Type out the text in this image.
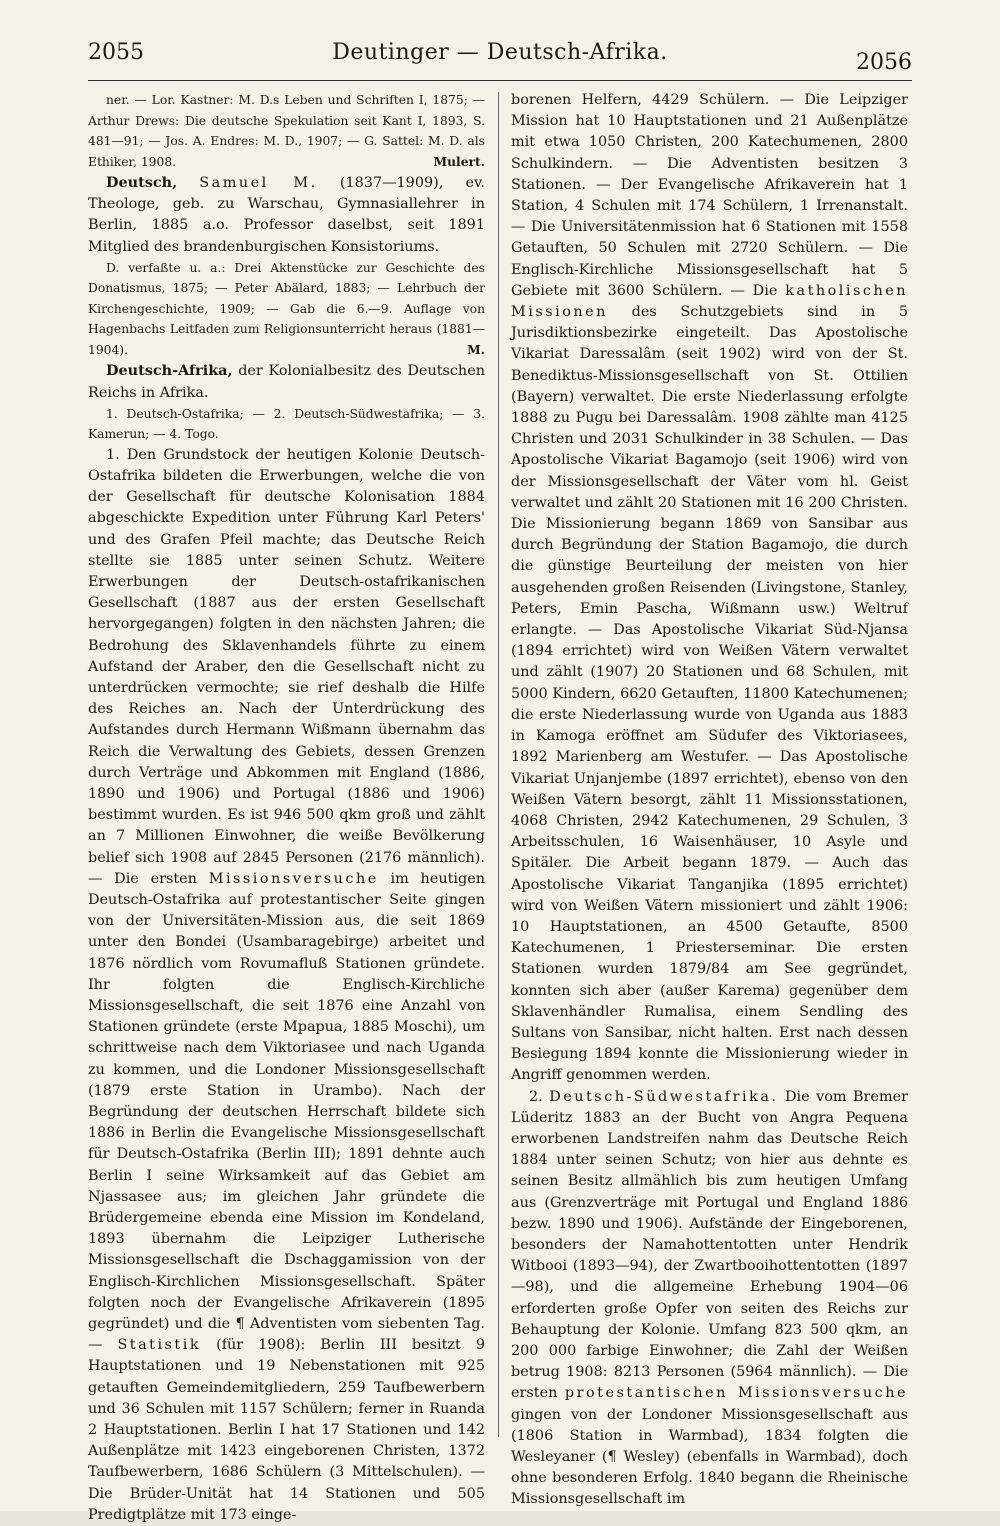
2055	Deutinger — Deutsch-Afrika.	2056

ner. — Lor. Kastner: M. D.s Leben und Schriften I, 1875; — Arthur Drews: Die deutsche Spekulation seit Kant I, 1893, S. 481—91; — Jos. A. Endres: M. D., 1907; — G. Sattel: M. D. als Ethiker, 1908.	Mulert.

Deutsch, Samuel M. (1837—1909), ev. Theologe, geb. zu Warschau, Gymnasiallehrer in Berlin, 1885 a.o. Professor daselbst, seit 1891 Mitglied des brandenburgischen Konsistoriums.

D. verfaßte u. a.: Drei Aktenstücke zur Geschichte des Donatismus, 1875; — Peter Abälard, 1883; — Lehrbuch der Kirchengeschichte, 1909; — Gab die 6.—9. Auflage von Hagenbachs Leitfaden zum Religionsunterricht heraus (1881—1904).	M.

Deutsch-Afrika, der Kolonialbesitz des Deutschen Reichs in Afrika.

1. Deutsch-Ostafrika; — 2. Deutsch-Südwestafrika; — 3. Kamerun; — 4. Togo.

1. Den Grundstock der heutigen Kolonie Deutsch-Ostafrika bildeten die Erwerbungen, welche die von der Gesellschaft für deutsche Kolonisation 1884 abgeschickte Expedition unter Führung Karl Peters' und des Grafen Pfeil machte; das Deutsche Reich stellte sie 1885 unter seinen Schutz. Weitere Erwerbungen der Deutsch-ostafrikanischen Gesellschaft (1887 aus der ersten Gesellschaft hervorgegangen) folgten in den nächsten Jahren; die Bedrohung des Sklavenhandels führte zu einem Aufstand der Araber, den die Gesellschaft nicht zu unterdrücken vermochte; sie rief deshalb die Hilfe des Reiches an. Nach der Unterdrückung des Aufstandes durch Hermann Wißmann übernahm das Reich die Verwaltung des Gebiets, dessen Grenzen durch Verträge und Abkommen mit England (1886, 1890 und 1906) und Portugal (1886 und 1906) bestimmt wurden. Es ist 946 500 qkm groß und zählt an 7 Millionen Einwohner, die weiße Bevölkerung belief sich 1908 auf 2845 Personen (2176 männlich). — Die ersten Missionsversuche im heutigen Deutsch-Ostafrika auf protestantischer Seite gingen von der Universitäten-Mission aus, die seit 1869 unter den Bondei (Usambaragebirge) arbeitet und 1876 nördlich vom Rovumafluß Stationen gründete. Ihr folgten die Englisch-Kirchliche Missionsgesellschaft, die seit 1876 eine Anzahl von Stationen gründete (erste Mpapua, 1885 Moschi), um schrittweise nach dem Viktoriasee und nach Uganda zu kommen, und die Londoner Missionsgesellschaft (1879 erste Station in Urambo). Nach der Begründung der deutschen Herrschaft bildete sich 1886 in Berlin die Evangelische Missionsgesellschaft für Deutsch-Ostafrika (Berlin III); 1891 dehnte auch Berlin I seine Wirksamkeit auf das Gebiet am Njassasee aus; im gleichen Jahr gründete die Brüdergemeine ebenda eine Mission im Kondeland, 1893 übernahm die Leipziger Lutherische Missionsgesellschaft die Dschaggamission von der Englisch-Kirchlichen Missionsgesellschaft. Später folgten noch der Evangelische Afrikaverein (1895 gegründet) und die ¶ Adventisten vom siebenten Tag. — Statistik (für 1908): Berlin III besitzt 9 Hauptstationen und 19 Nebenstationen mit 925 getauften Gemeindemitgliedern, 259 Taufbewerbern und 36 Schulen mit 1157 Schülern; ferner in Ruanda 2 Hauptstationen. Berlin I hat 17 Stationen und 142 Außenplätze mit 1423 eingeborenen Christen, 1372 Taufbewerbern, 1686 Schülern (3 Mittelschulen). — Die Brüder-Unität hat 14 Stationen und 505 Predigtplätze mit 173 einge-

borenen Helfern, 4429 Schülern. — Die Leipziger Mission hat 10 Hauptstationen und 21 Außenplätze mit etwa 1050 Christen, 200 Katechumenen, 2800 Schulkindern. — Die Adventisten besitzen 3 Stationen. — Der Evangelische Afrikaverein hat 1 Station, 4 Schulen mit 174 Schülern, 1 Irrenanstalt. — Die Universitätenmission hat 6 Stationen mit 1558 Getauften, 50 Schulen mit 2720 Schülern. — Die Englisch-Kirchliche Missionsgesellschaft hat 5 Gebiete mit 3600 Schülern. — Die katholischen Missionen des Schutzgebiets sind in 5 Jurisdiktionsbezirke eingeteilt. Das Apostolische Vikariat Daressalâm (seit 1902) wird von der St. Benediktus-Missionsgesellschaft von St. Ottilien (Bayern) verwaltet. Die erste Niederlassung erfolgte 1888 zu Pugu bei Daressalâm. 1908 zählte man 4125 Christen und 2031 Schulkinder in 38 Schulen. — Das Apostolische Vikariat Bagamojo (seit 1906) wird von der Missionsgesellschaft der Väter vom hl. Geist verwaltet und zählt 20 Stationen mit 16 200 Christen. Die Missionierung begann 1869 von Sansibar aus durch Begründung der Station Bagamojo, die durch die günstige Beurteilung der meisten von hier ausgehenden großen Reisenden (Livingstone, Stanley, Peters, Emin Pascha, Wißmann usw.) Weltruf erlangte. — Das Apostolische Vikariat Süd-Njansa (1894 errichtet) wird von Weißen Vätern verwaltet und zählt (1907) 20 Stationen und 68 Schulen, mit 5000 Kindern, 6620 Getauften, 11800 Katechumenen; die erste Niederlassung wurde von Uganda aus 1883 in Kamoga eröffnet am Südufer des Viktoriasees, 1892 Marienberg am Westufer. — Das Apostolische Vikariat Unjanjembe (1897 errichtet), ebenso von den Weißen Vätern besorgt, zählt 11 Missionsstationen, 4068 Christen, 2942 Katechumenen, 29 Schulen, 3 Arbeitsschulen, 16 Waisenhäuser, 10 Asyle und Spitäler. Die Arbeit begann 1879. — Auch das Apostolische Vikariat Tanganjika (1895 errichtet) wird von Weißen Vätern missioniert und zählt 1906: 10 Hauptstationen, an 4500 Getaufte, 8500 Katechumenen, 1 Priesterseminar. Die ersten Stationen wurden 1879/84 am See gegründet, konnten sich aber (außer Karema) gegenüber dem Sklavenhändler Rumalisa, einem Sendling des Sultans von Sansibar, nicht halten. Erst nach dessen Besiegung 1894 konnte die Missionierung wieder in Angriff genommen werden.

2. Deutsch-Südwestafrika. Die vom Bremer Lüderitz 1883 an der Bucht von Angra Pequena erworbenen Landstreifen nahm das Deutsche Reich 1884 unter seinen Schutz; von hier aus dehnte es seinen Besitz allmählich bis zum heutigen Umfang aus (Grenzverträge mit Portugal und England 1886 bezw. 1890 und 1906). Aufstände der Eingeborenen, besonders der Namahottentotten unter Hendrik Witbooi (1893—94), der Zwartbooihottentotten (1897—98), und die allgemeine Erhebung 1904—06 erforderten große Opfer von seiten des Reichs zur Behauptung der Kolonie. Umfang 823 500 qkm, an 200 000 farbige Einwohner; die Zahl der Weißen betrug 1908: 8213 Personen (5964 männlich). — Die ersten protestantischen Missionsversuche gingen von der Londoner Missionsgesellschaft aus (1806 Station in Warmbad), 1834 folgten die Wesleyaner (¶ Wesley) (ebenfalls in Warmbad), doch ohne besonderen Erfolg. 1840 begann die Rheinische Missionsgesellschaft im
